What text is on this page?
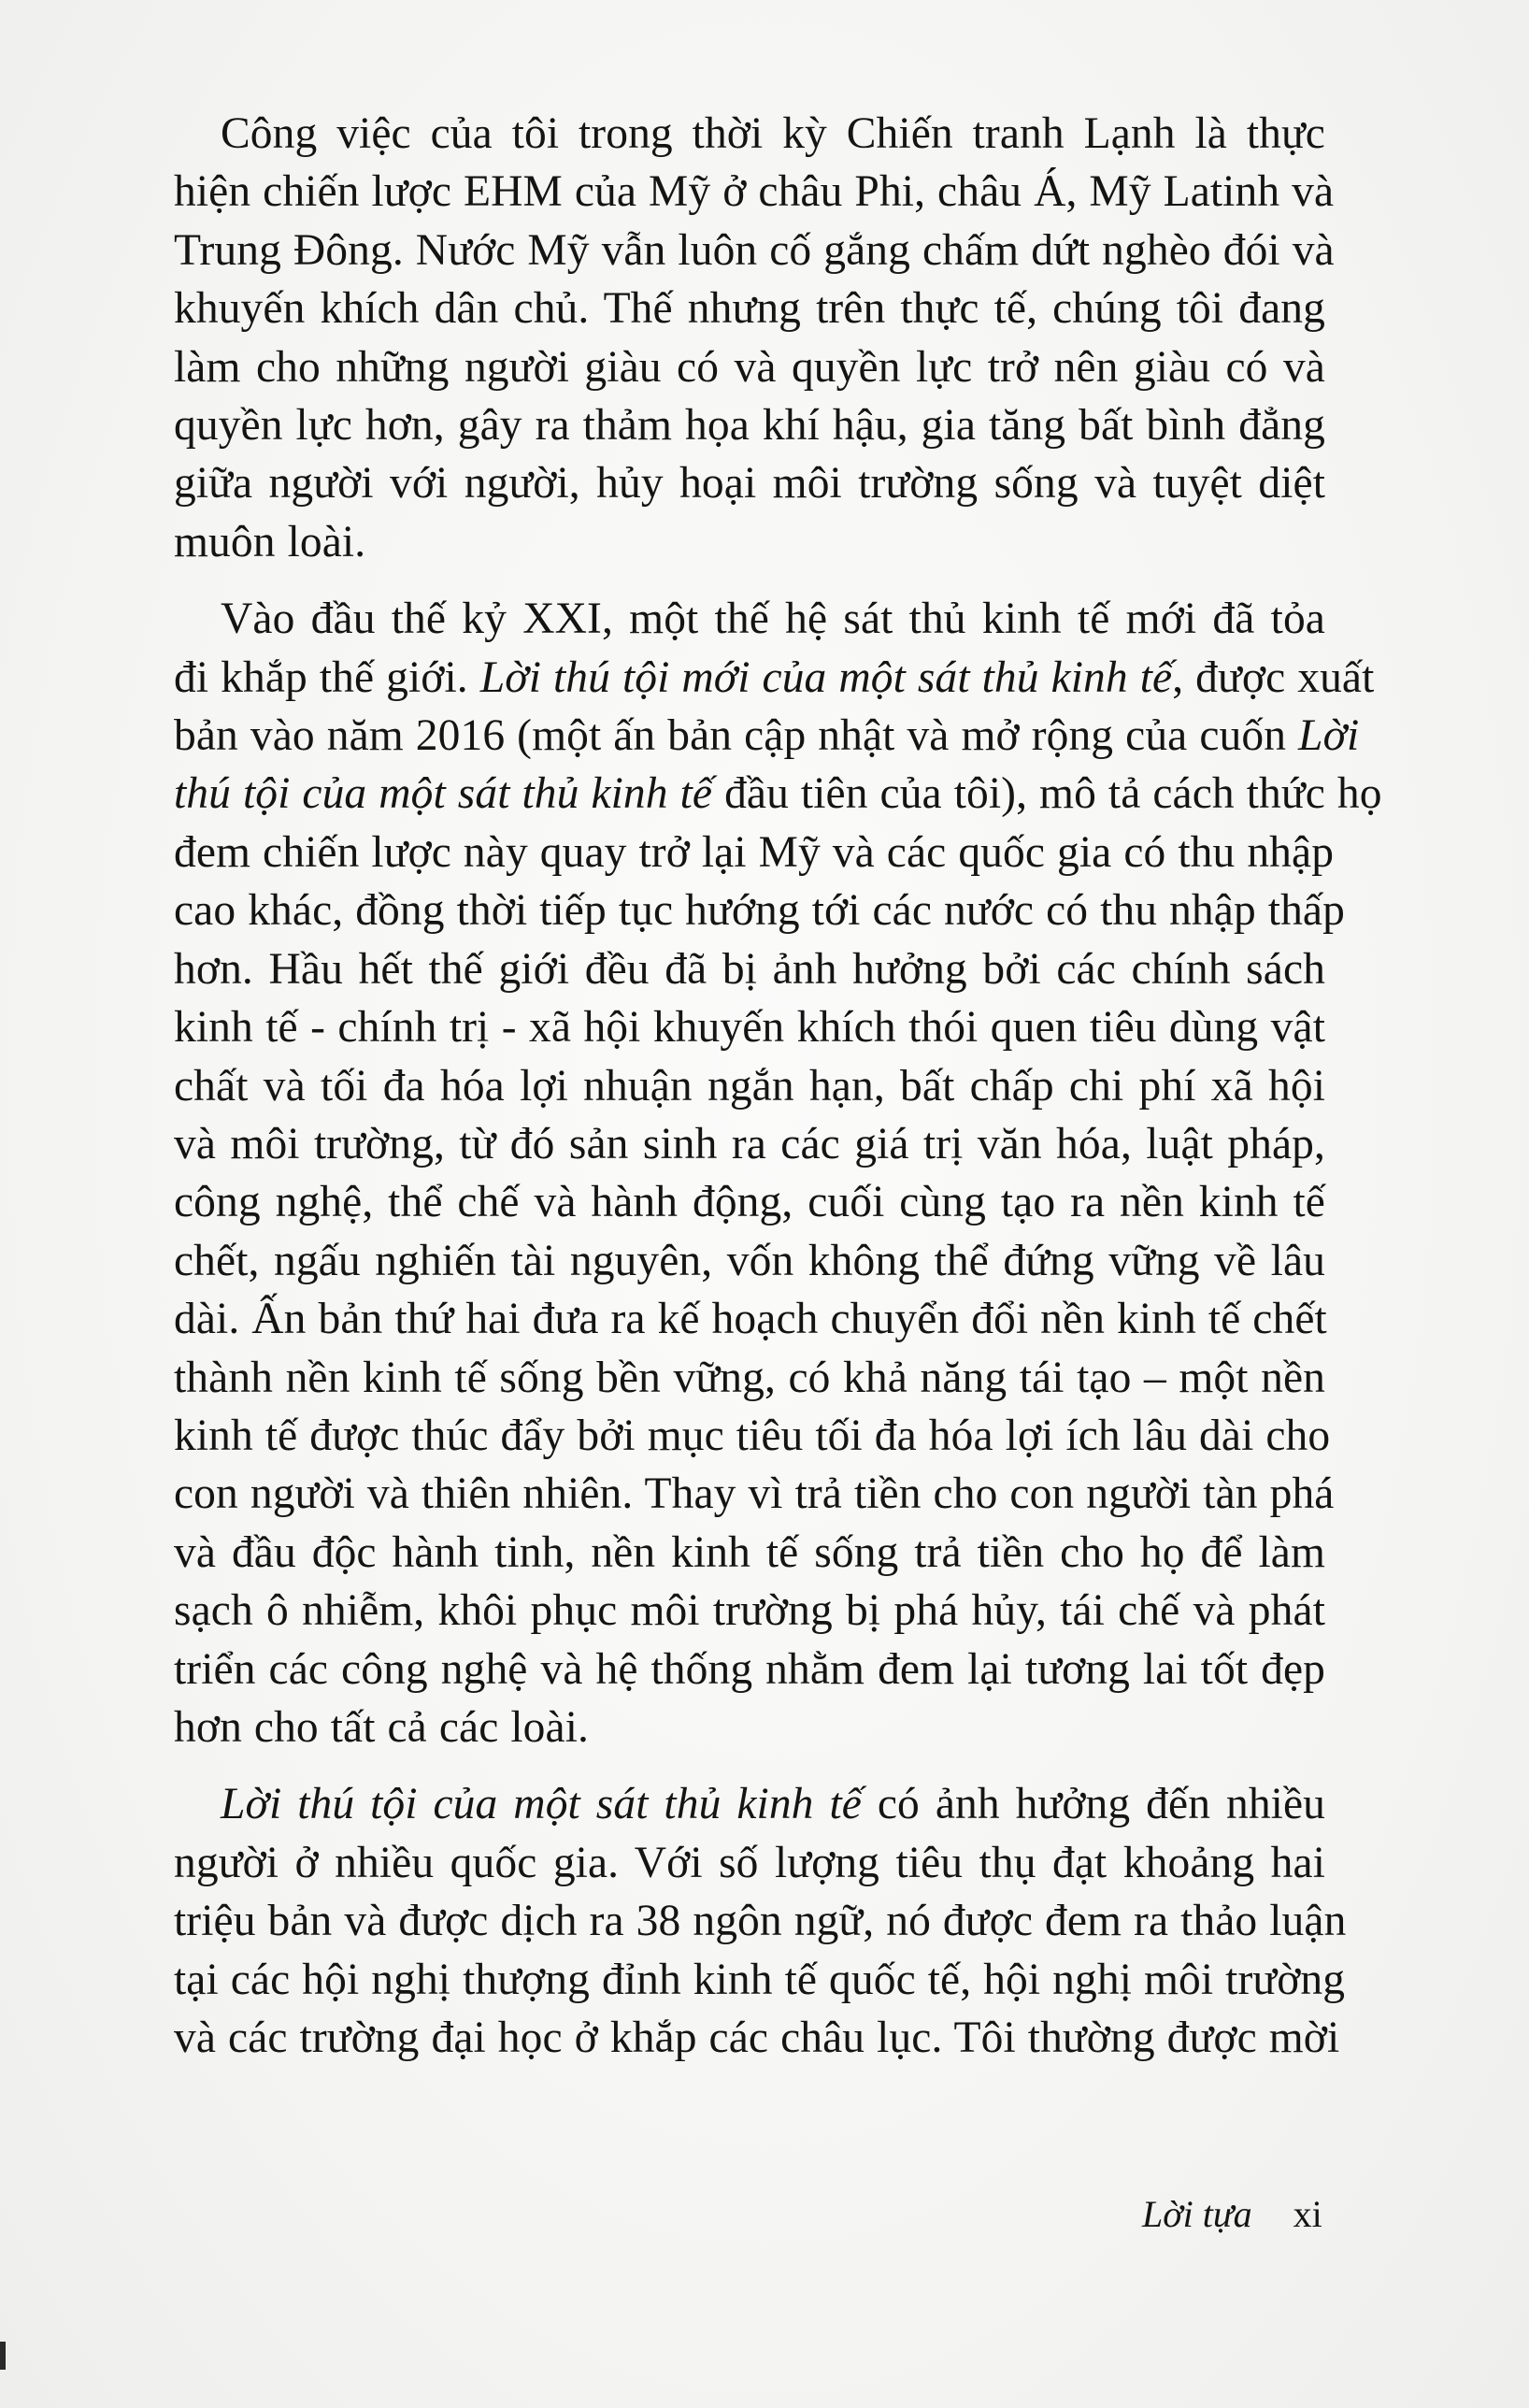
Công việc của tôi trong thời kỳ Chiến tranh Lạnh là thực
hiện chiến lược EHM của Mỹ ở châu Phi, châu Á, Mỹ Latinh và
Trung Đông. Nước Mỹ vẫn luôn cố gắng chấm dứt nghèo đói và
khuyến khích dân chủ. Thế nhưng trên thực tế, chúng tôi đang
làm cho những người giàu có và quyền lực trở nên giàu có và
quyền lực hơn, gây ra thảm họa khí hậu, gia tăng bất bình đẳng
giữa người với người, hủy hoại môi trường sống và tuyệt diệt
muôn loài.
Vào đầu thế kỷ XXI, một thế hệ sát thủ kinh tế mới đã tỏa
đi khắp thế giới. Lời thú tội mới của một sát thủ kinh tế, được xuất
bản vào năm 2016 (một ấn bản cập nhật và mở rộng của cuốn Lời
thú tội của một sát thủ kinh tế đầu tiên của tôi), mô tả cách thức họ
đem chiến lược này quay trở lại Mỹ và các quốc gia có thu nhập
cao khác, đồng thời tiếp tục hướng tới các nước có thu nhập thấp
hơn. Hầu hết thế giới đều đã bị ảnh hưởng bởi các chính sách
kinh tế - chính trị - xã hội khuyến khích thói quen tiêu dùng vật
chất và tối đa hóa lợi nhuận ngắn hạn, bất chấp chi phí xã hội
và môi trường, từ đó sản sinh ra các giá trị văn hóa, luật pháp,
công nghệ, thể chế và hành động, cuối cùng tạo ra nền kinh tế
chết, ngấu nghiến tài nguyên, vốn không thể đứng vững về lâu
dài. Ấn bản thứ hai đưa ra kế hoạch chuyển đổi nền kinh tế chết
thành nền kinh tế sống bền vững, có khả năng tái tạo – một nền
kinh tế được thúc đẩy bởi mục tiêu tối đa hóa lợi ích lâu dài cho
con người và thiên nhiên. Thay vì trả tiền cho con người tàn phá
và đầu độc hành tinh, nền kinh tế sống trả tiền cho họ để làm
sạch ô nhiễm, khôi phục môi trường bị phá hủy, tái chế và phát
triển các công nghệ và hệ thống nhằm đem lại tương lai tốt đẹp
hơn cho tất cả các loài.
Lời thú tội của một sát thủ kinh tế có ảnh hưởng đến nhiều
người ở nhiều quốc gia. Với số lượng tiêu thụ đạt khoảng hai
triệu bản và được dịch ra 38 ngôn ngữ, nó được đem ra thảo luận
tại các hội nghị thượng đỉnh kinh tế quốc tế, hội nghị môi trường
và các trường đại học ở khắp các châu lục. Tôi thường được mời
Lời tựa xi
